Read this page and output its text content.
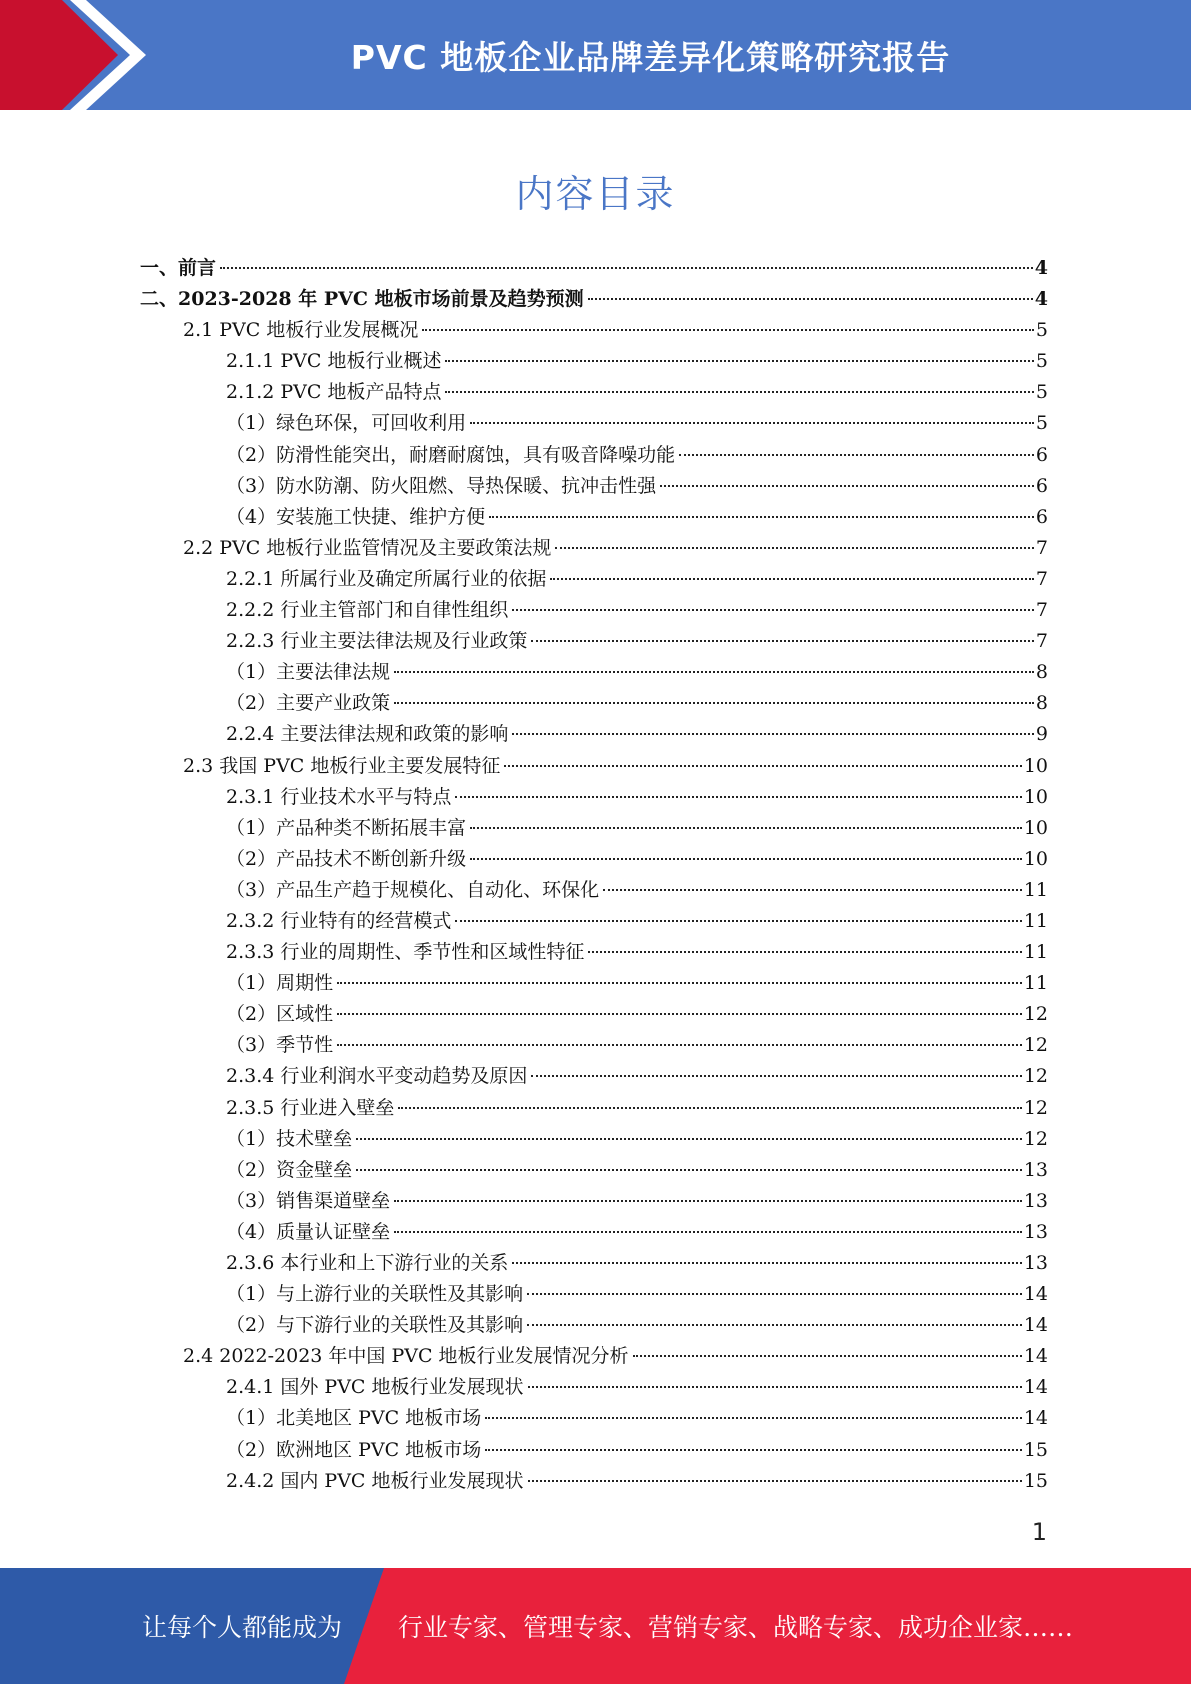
PVC 地板企业品牌差异化策略研究报告
内容目录
一、前言	4
二、2023-2028 年 PVC 地板市场前景及趋势预测	4
2.1 PVC 地板行业发展概况	5
2.1.1 PVC 地板行业概述	5
2.1.2 PVC 地板产品特点	5
（1）绿色环保，可回收利用	5
（2）防滑性能突出，耐磨耐腐蚀，具有吸音降噪功能	6
（3）防水防潮、防火阻燃、导热保暖、抗冲击性强	6
（4）安装施工快捷、维护方便	6
2.2 PVC 地板行业监管情况及主要政策法规	7
2.2.1 所属行业及确定所属行业的依据	7
2.2.2 行业主管部门和自律性组织	7
2.2.3 行业主要法律法规及行业政策	7
（1）主要法律法规	8
（2）主要产业政策	8
2.2.4 主要法律法规和政策的影响	9
2.3 我国 PVC 地板行业主要发展特征	10
2.3.1 行业技术水平与特点	10
（1）产品种类不断拓展丰富	10
（2）产品技术不断创新升级	10
（3）产品生产趋于规模化、自动化、环保化	11
2.3.2 行业特有的经营模式	11
2.3.3 行业的周期性、季节性和区域性特征	11
（1）周期性	11
（2）区域性	12
（3）季节性	12
2.3.4 行业利润水平变动趋势及原因	12
2.3.5 行业进入壁垒	12
（1）技术壁垒	12
（2）资金壁垒	13
（3）销售渠道壁垒	13
（4）质量认证壁垒	13
2.3.6 本行业和上下游行业的关系	13
（1）与上游行业的关联性及其影响	14
（2）与下游行业的关联性及其影响	14
2.4 2022-2023 年中国 PVC 地板行业发展情况分析	14
2.4.1 国外 PVC 地板行业发展现状	14
（1）北美地区 PVC 地板市场	14
（2）欧洲地区 PVC 地板市场	15
2.4.2 国内 PVC 地板行业发展现状	15
1
让每个人都能成为 行业专家、管理专家、营销专家、战略专家、成功企业家……
